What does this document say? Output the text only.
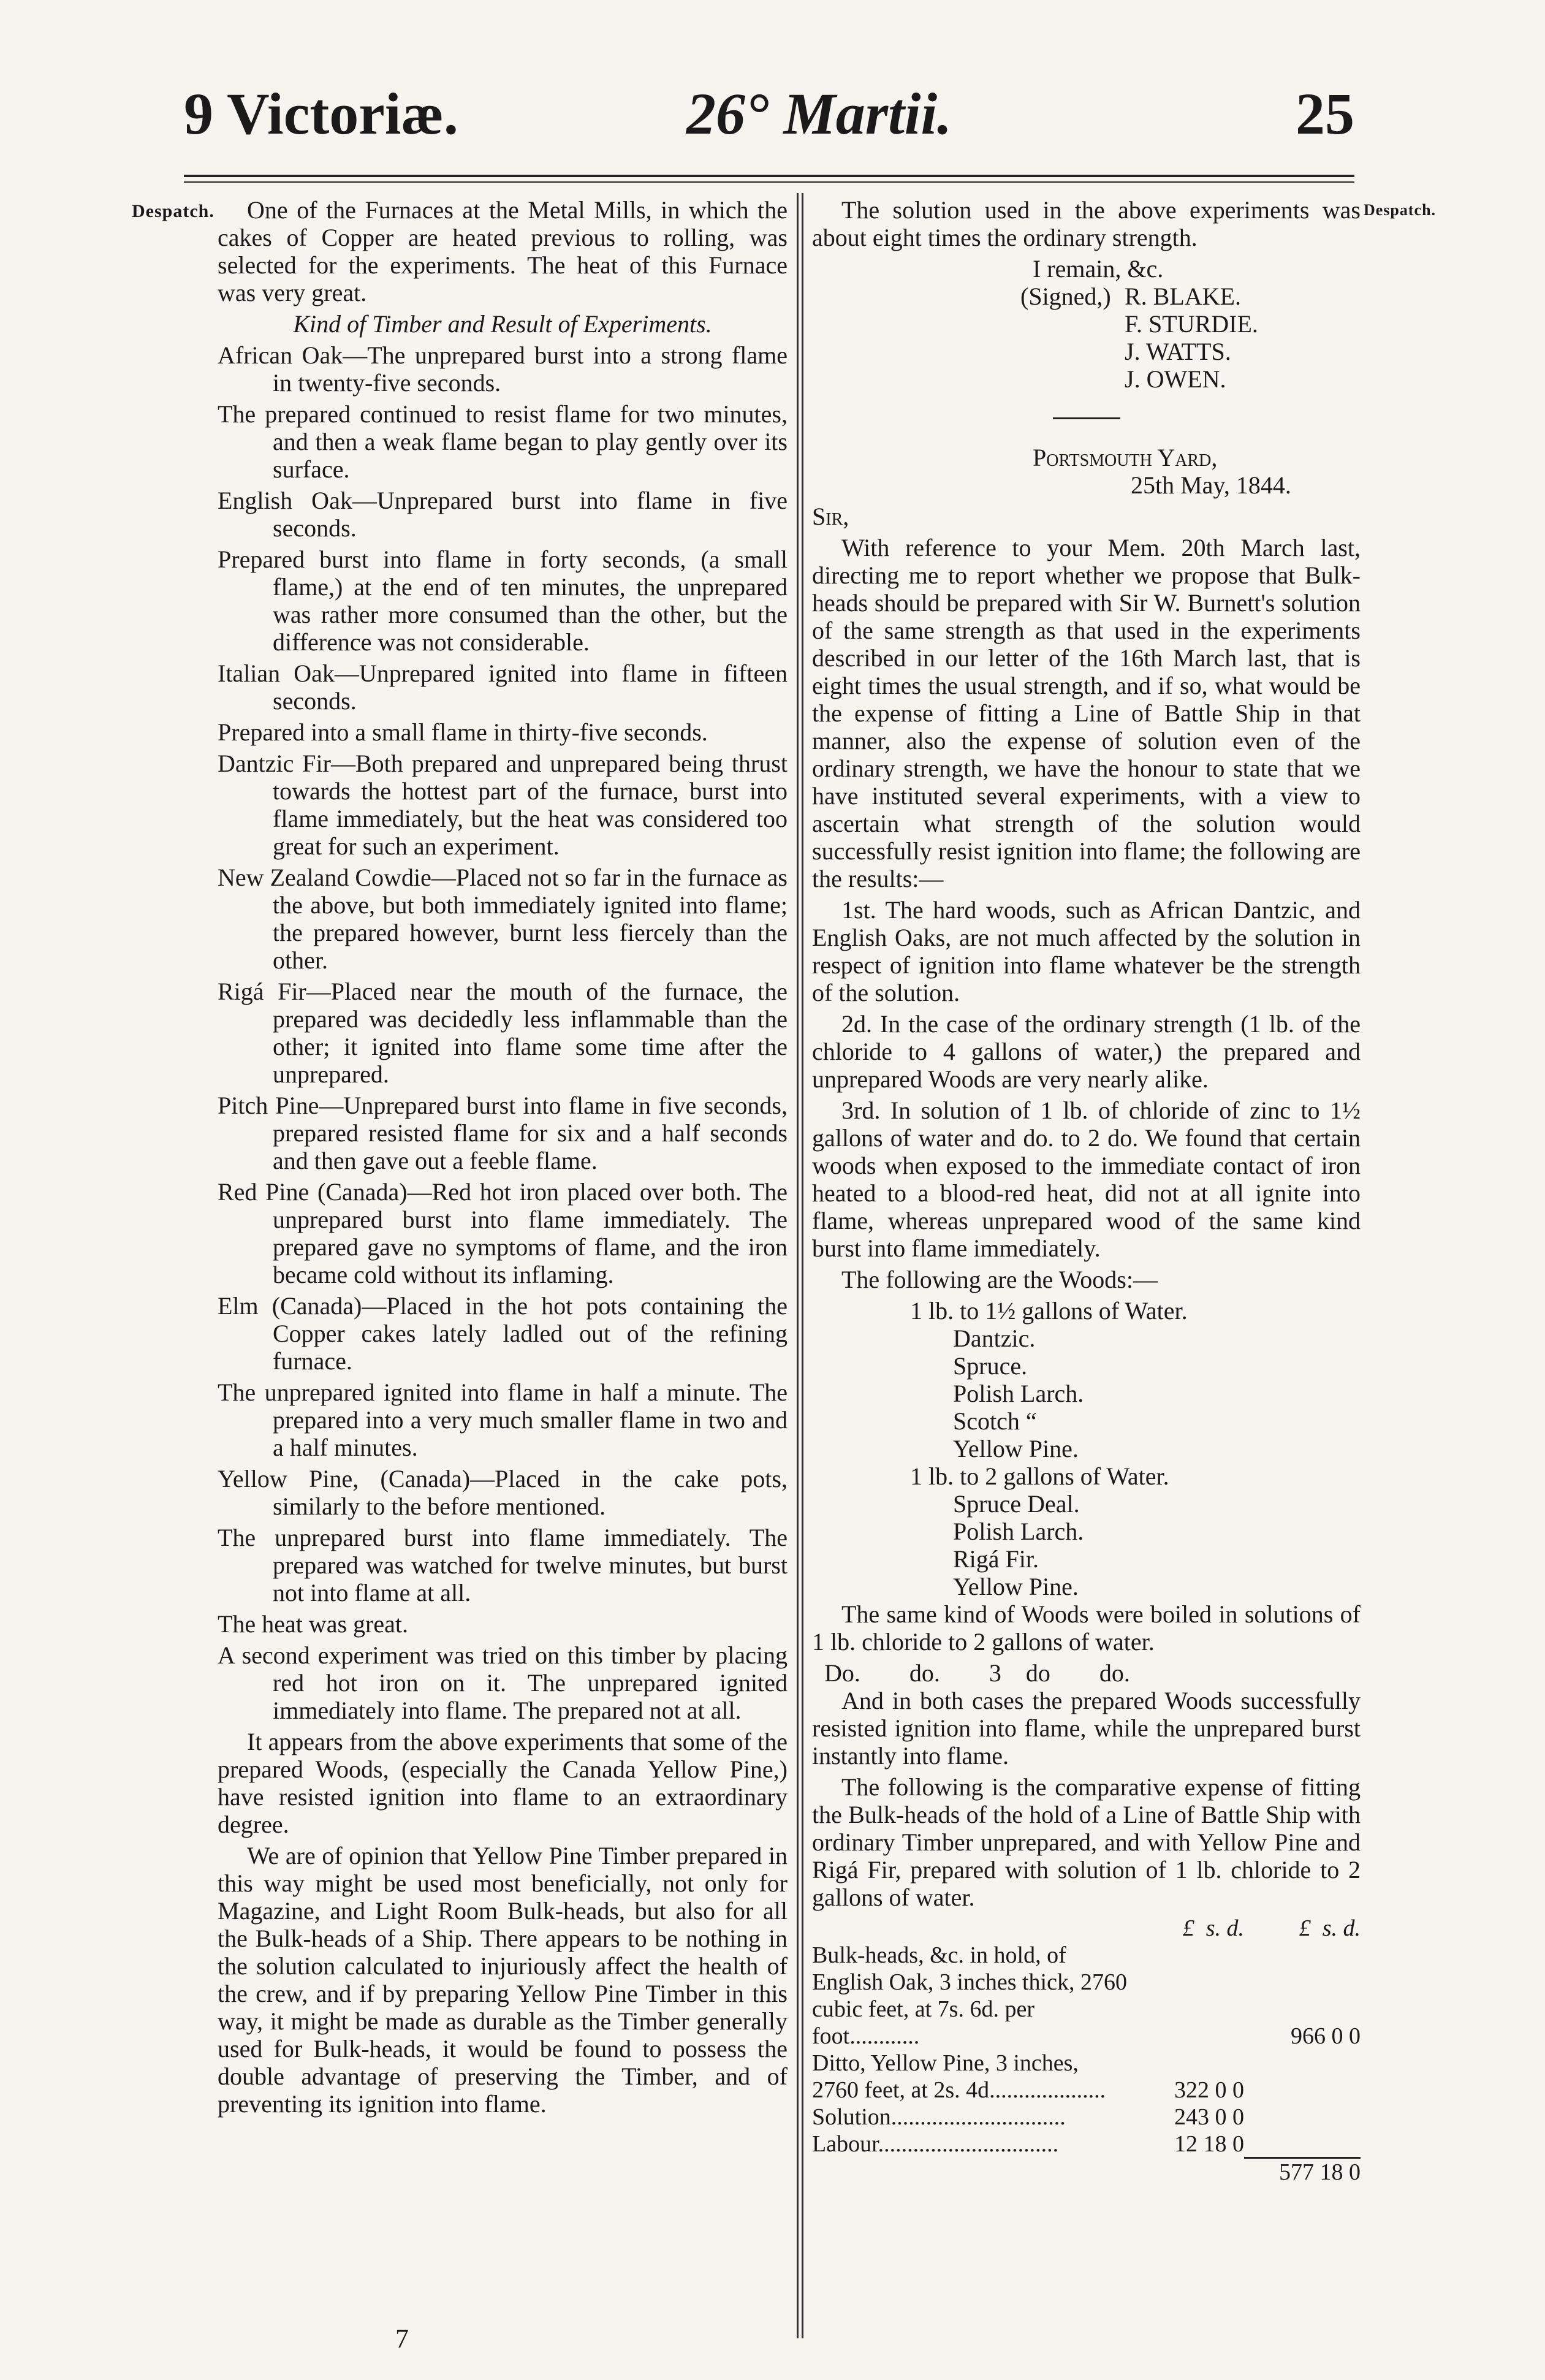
9 Victoriæ.	26° Martii.	25
Despatch.	Despatch.

One of the Furnaces at the Metal Mills, in which the cakes of Copper are heated previous to rolling, was selected for the experiments. The heat of this Furnace was very great.

Kind of Timber and Result of Experiments.

African Oak—The unprepared burst into a strong flame in twenty-five seconds.

The prepared continued to resist flame for two minutes, and then a weak flame began to play gently over its surface.

English Oak—Unprepared burst into flame in five seconds.

Prepared burst into flame in forty seconds, (a small flame,) at the end of ten minutes, the unprepared was rather more consumed than the other, but the difference was not considerable.

Italian Oak—Unprepared ignited into flame in fifteen seconds.

Prepared into a small flame in thirty-five seconds.

Dantzic Fir—Both prepared and unprepared being thrust towards the hottest part of the furnace, burst into flame immediately, but the heat was considered too great for such an experiment.

New Zealand Cowdie—Placed not so far in the furnace as the above, but both immediately ignited into flame; the prepared however, burnt less fiercely than the other.

Rigá Fir—Placed near the mouth of the furnace, the prepared was decidedly less inflammable than the other; it ignited into flame some time after the unprepared.

Pitch Pine—Unprepared burst into flame in five seconds, prepared resisted flame for six and a half seconds and then gave out a feeble flame.

Red Pine (Canada)—Red hot iron placed over both. The unprepared burst into flame immediately. The prepared gave no symptoms of flame, and the iron became cold without its inflaming.

Elm (Canada)—Placed in the hot pots containing the Copper cakes lately ladled out of the refining furnace.

The unprepared ignited into flame in half a minute. The prepared into a very much smaller flame in two and a half minutes.

Yellow Pine, (Canada)—Placed in the cake pots, similarly to the before mentioned.

The unprepared burst into flame immediately. The prepared was watched for twelve minutes, but burst not into flame at all.

The heat was great.

A second experiment was tried on this timber by placing red hot iron on it. The unprepared ignited immediately into flame. The prepared not at all.

It appears from the above experiments that some of the prepared Woods, (especially the Canada Yellow Pine,) have resisted ignition into flame to an extraordinary degree.

We are of opinion that Yellow Pine Timber prepared in this way might be used most beneficially, not only for Magazine, and Light Room Bulk-heads, but also for all the Bulk-heads of a Ship. There appears to be nothing in the solution calculated to injuriously affect the health of the crew, and if by preparing Yellow Pine Timber in this way, it might be made as durable as the Timber generally used for Bulk-heads, it would be found to possess the double advantage of preserving the Timber, and of preventing its ignition into flame.

The solution used in the above experiments was about eight times the ordinary strength.

I remain, &c.
(Signed,) R. BLAKE.
F. STURDIE.
J. WATTS.
J. OWEN.
Portsmouth Yard,
25th May, 1844.
Sir,

With reference to your Mem. 20th March last, directing me to report whether we propose that Bulk-heads should be prepared with Sir W. Burnett's solution of the same strength as that used in the experiments described in our letter of the 16th March last, that is eight times the usual strength, and if so, what would be the expense of fitting a Line of Battle Ship in that manner, also the expense of solution even of the ordinary strength, we have the honour to state that we have instituted several experiments, with a view to ascertain what strength of the solution would successfully resist ignition into flame; the following are the results:—

1st. The hard woods, such as African Dantzic, and English Oaks, are not much affected by the solution in respect of ignition into flame whatever be the strength of the solution.

2d. In the case of the ordinary strength (1 lb. of the chloride to 4 gallons of water,) the prepared and unprepared Woods are very nearly alike.

3rd. In solution of 1 lb. of chloride of zinc to 1½ gallons of water and do. to 2 do. We found that certain woods when exposed to the immediate contact of iron heated to a blood-red heat, did not at all ignite into flame, whereas unprepared wood of the same kind burst into flame immediately.

The following are the Woods:—

1 lb. to 1½ gallons of Water.
Dantzic.
Spruce.
Polish Larch.
Scotch “
Yellow Pine.
1 lb. to 2 gallons of Water.
Spruce Deal.
Polish Larch.
Rigá Fir.
Yellow Pine.

The same kind of Woods were boiled in solutions of 1 lb. chloride to 2 gallons of water.

Do.        do.        3    do        do.

And in both cases the prepared Woods successfully resisted ignition into flame, while the unprepared burst instantly into flame.

The following is the comparative expense of fitting the Bulk-heads of the hold of a Line of Battle Ship with ordinary Timber unprepared, and with Yellow Pine and Rigá Fir, prepared with solution of 1 lb. chloride to 2 gallons of water.

	£ s. d.	£ s. d.
Bulk-heads, &c. in hold, of English Oak, 3 inches thick, 2760 cubic feet, at 7s. 6d. per foot............		966 0 0
Ditto, Yellow Pine, 3 inches, 2760 feet, at 2s. 4d....................	322 0 0	
Solution..............................	243 0 0	
Labour...............................	12 18 0	
		577 18 0
7
